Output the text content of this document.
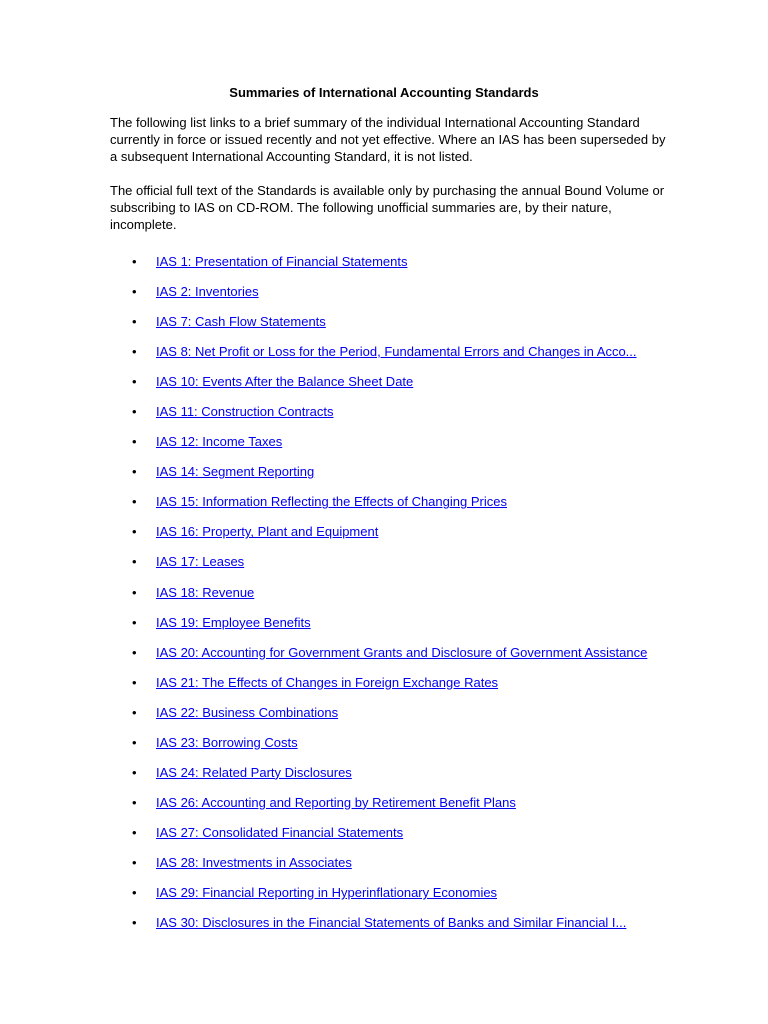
Summaries of International Accounting Standards

The following list links to a brief summary of the individual International Accounting Standard currently in force or issued recently and not yet effective. Where an IAS has been superseded by a subsequent International Accounting Standard, it is not listed.

The official full text of the Standards is available only by purchasing the annual Bound Volume or subscribing to IAS on CD-ROM. The following unofficial summaries are, by their nature, incomplete.

• IAS 1: Presentation of Financial Statements
• IAS 2: Inventories
• IAS 7: Cash Flow Statements
• IAS 8: Net Profit or Loss for the Period, Fundamental Errors and Changes in Acco...
• IAS 10: Events After the Balance Sheet Date
• IAS 11: Construction Contracts
• IAS 12: Income Taxes
• IAS 14: Segment Reporting
• IAS 15: Information Reflecting the Effects of Changing Prices
• IAS 16: Property, Plant and Equipment
• IAS 17: Leases
• IAS 18: Revenue
• IAS 19: Employee Benefits
• IAS 20: Accounting for Government Grants and Disclosure of Government Assistance
• IAS 21: The Effects of Changes in Foreign Exchange Rates
• IAS 22: Business Combinations
• IAS 23: Borrowing Costs
• IAS 24: Related Party Disclosures
• IAS 26: Accounting and Reporting by Retirement Benefit Plans
• IAS 27: Consolidated Financial Statements
• IAS 28: Investments in Associates
• IAS 29: Financial Reporting in Hyperinflationary Economies
• IAS 30: Disclosures in the Financial Statements of Banks and Similar Financial I...
